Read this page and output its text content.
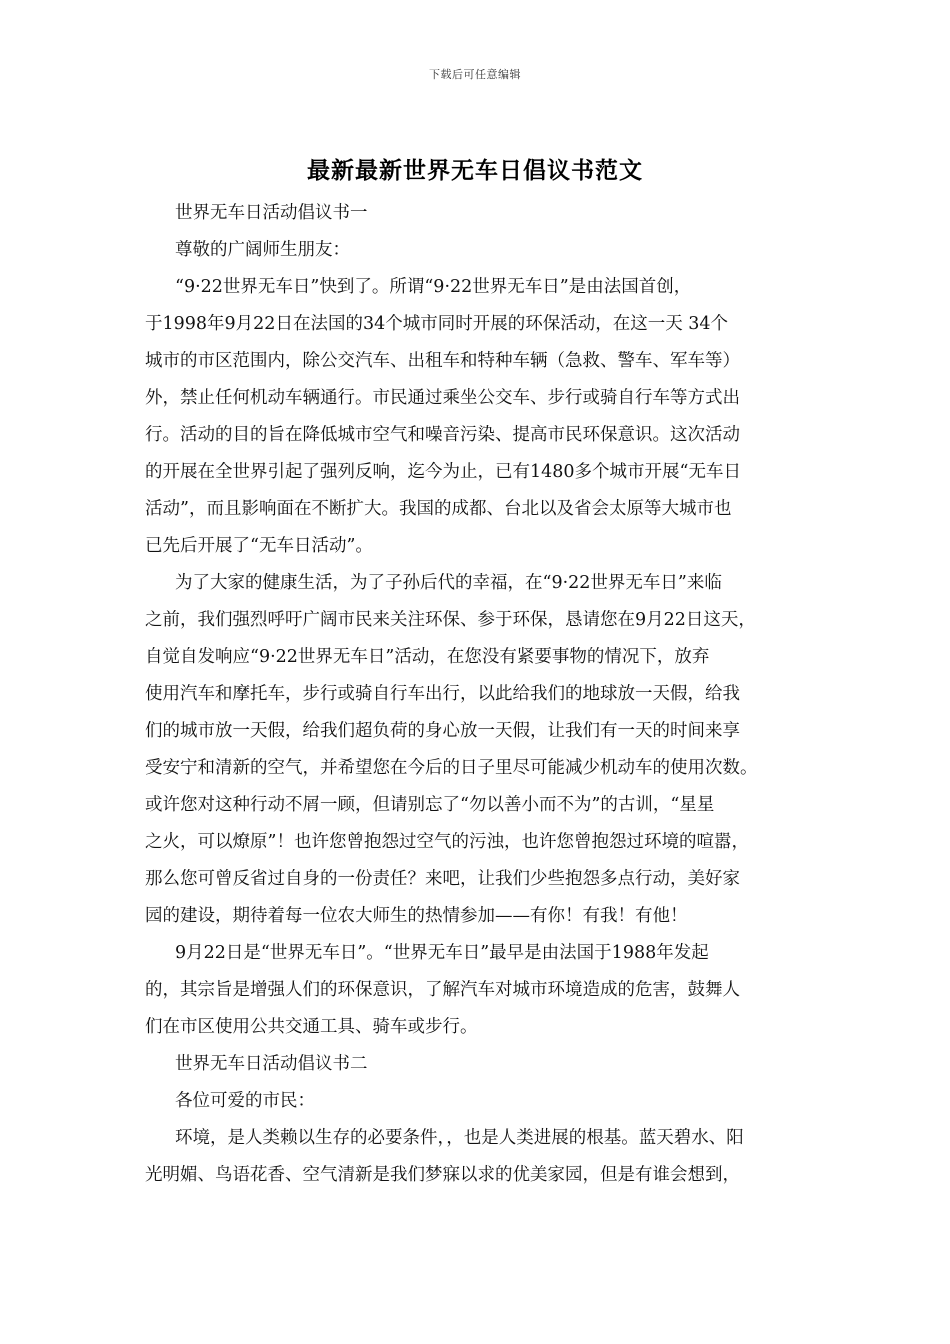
下载后可任意编辑
最新最新世界无车日倡议书范文
世界无车日活动倡议书一
尊敬的广阔师生朋友：
“9·22世界无车日”快到了。所谓“9·22世界无车日”是由法国首创，
于1998年9月22日在法国的34个城市同时开展的环保活动，在这一天 34个
城市的市区范围内，除公交汽车、出租车和特种车辆（急救、警车、军车等）
外，禁止任何机动车辆通行。市民通过乘坐公交车、步行或骑自行车等方式出
行。活动的目的旨在降低城市空气和噪音污染、提高市民环保意识。这次活动
的开展在全世界引起了强列反响，迄今为止，已有1480多个城市开展“无车日
活动”，而且影响面在不断扩大。我国的成都、台北以及省会太原等大城市也
已先后开展了“无车日活动”。
为了大家的健康生活，为了子孙后代的幸福，在“9·22世界无车日”来临
之前，我们强烈呼吁广阔市民来关注环保、参于环保，恳请您在9月22日这天，
自觉自发响应“9·22世界无车日”活动，在您没有紧要事物的情况下，放弃
使用汽车和摩托车，步行或骑自行车出行，以此给我们的地球放一天假，给我
们的城市放一天假，给我们超负荷的身心放一天假，让我们有一天的时间来享
受安宁和清新的空气，并希望您在今后的日子里尽可能减少机动车的使用次数。
或许您对这种行动不屑一顾，但请别忘了“勿以善小而不为”的古训，“星星
之火，可以燎原”！也许您曾抱怨过空气的污浊，也许您曾抱怨过环境的喧嚣，
那么您可曾反省过自身的一份责任？来吧，让我们少些抱怨多点行动，美好家
园的建设，期待着每一位农大师生的热情参加——有你！有我！有他！
9月22日是“世界无车日”。“世界无车日”最早是由法国于1988年发起
的，其宗旨是增强人们的环保意识，了解汽车对城市环境造成的危害，鼓舞人
们在市区使用公共交通工具、骑车或步行。
世界无车日活动倡议书二
各位可爱的市民：
环境，是人类赖以生存的必要条件，，也是人类进展的根基。蓝天碧水、阳
光明媚、鸟语花香、空气清新是我们梦寐以求的优美家园，但是有谁会想到，
